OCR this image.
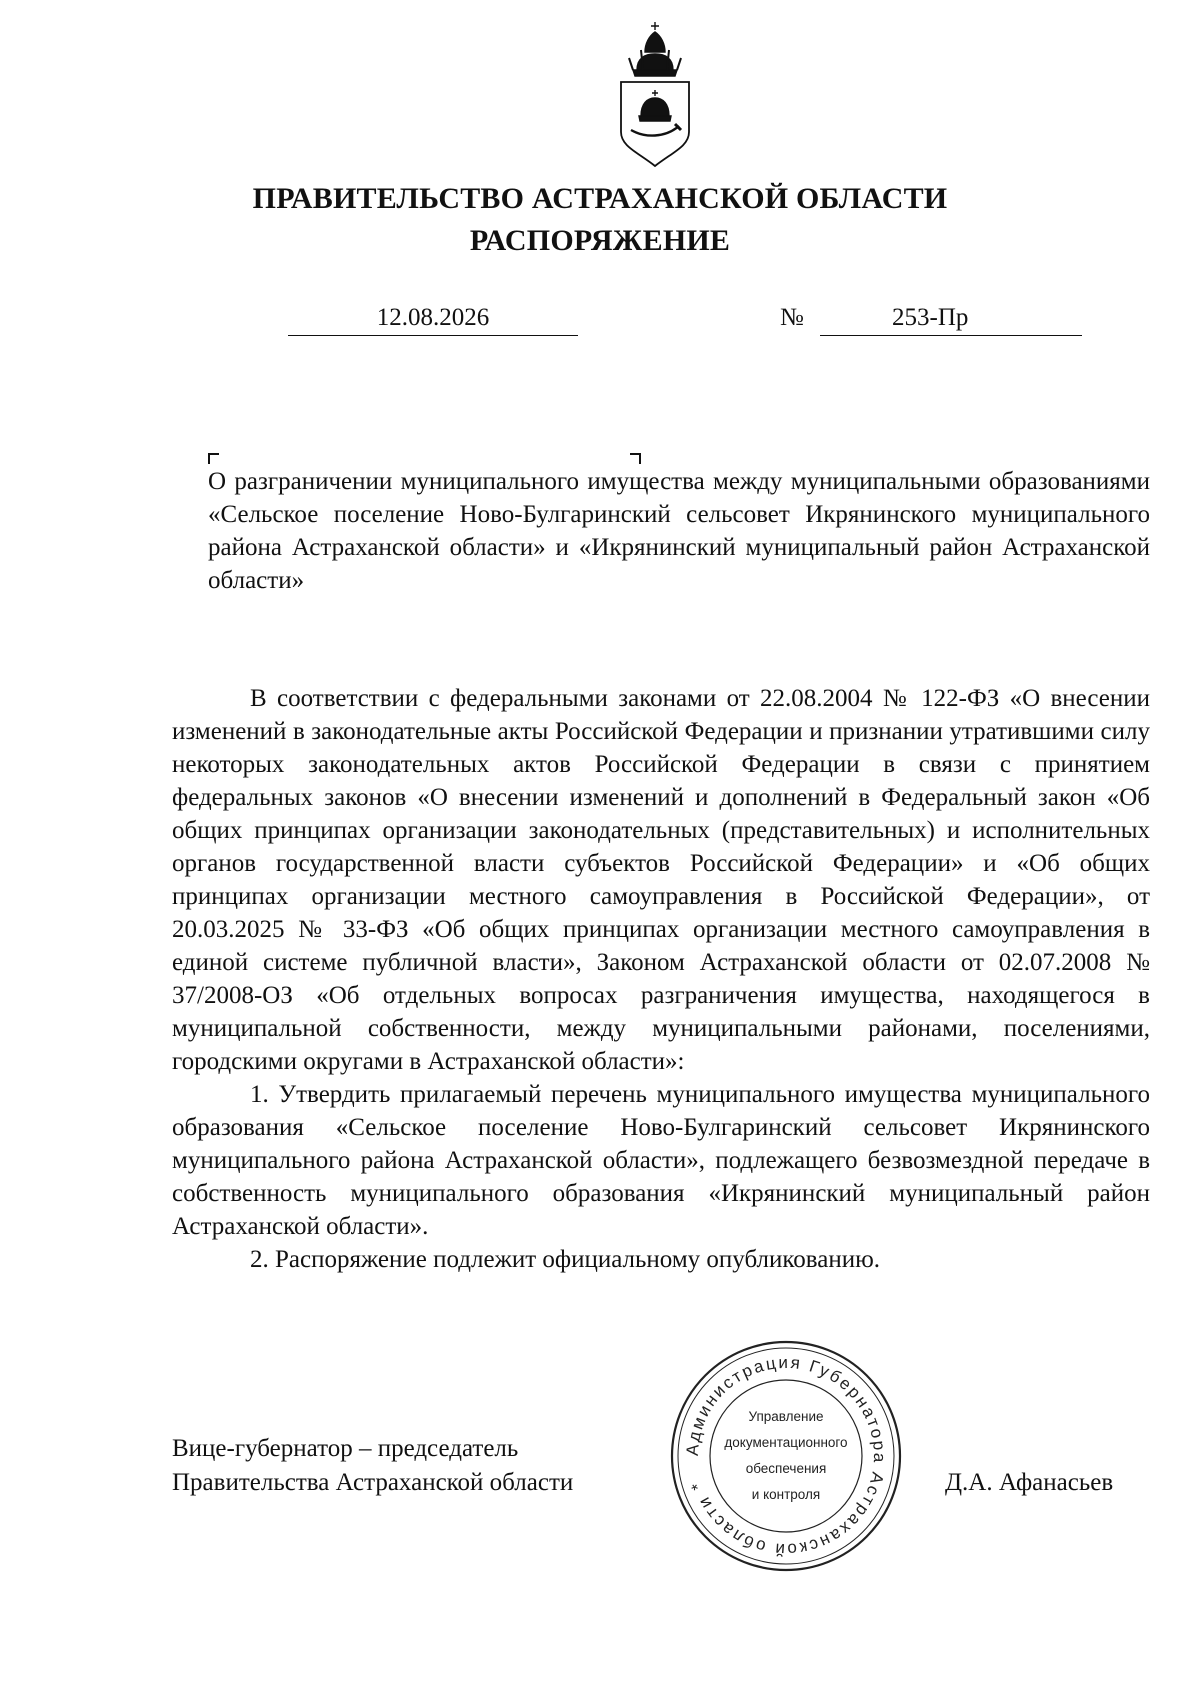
ПРАВИТЕЛЬСТВО АСТРАХАНСКОЙ ОБЛАСТИ
РАСПОРЯЖЕНИЕ
12.08.2026	№	253-Пр
О разграничении муниципального имущества между муниципальными образованиями «Сельское поселение Ново-Булгаринский сельсовет Икрянинского муниципального района Астраханской области» и «Икрянинский муниципальный район Астраханской области»

В соответствии с федеральными законами от 22.08.2004 № 122-ФЗ «О внесении изменений в законодательные акты Российской Федерации и признании утратившими силу некоторых законодательных актов Российской Федерации в связи с принятием федеральных законов «О внесении изменений и дополнений в Федеральный закон «Об общих принципах организации законодательных (представительных) и исполнительных органов государственной власти субъектов Российской Федерации» и «Об общих принципах организации местного самоуправления в Российской Федерации», от 20.03.2025 № 33-ФЗ «Об общих принципах организации местного самоуправления в единой системе публичной власти», Законом Астраханской области от 02.07.2008 № 37/2008-ОЗ «Об отдельных вопросах разграничения имущества, находящегося в муниципальной собственности, между муниципальными районами, поселениями, городскими округами в Астраханской области»:

1. Утвердить прилагаемый перечень муниципального имущества муниципального образования «Сельское поселение Ново-Булгаринский сельсовет Икрянинского муниципального района Астраханской области», подлежащего безвозмездной передаче в собственность муниципального образования «Икрянинский муниципальный район Астраханской области».

2. Распоряжение подлежит официальному опубликованию.

Вице-губернатор – председатель
Правительства Астраханской области
Администрация Губернатора Астраханской области *
Управление
документационного
обеспечения
и контроля	Д.А. Афанасьев
